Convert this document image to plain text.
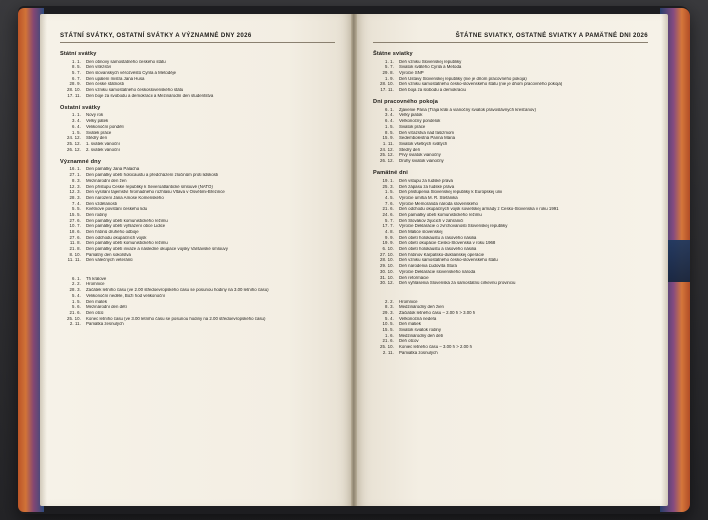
STÁTNÍ SVÁTKY, OSTATNÍ SVÁTKY A VÝZNAMNÉ DNY 2026
Státní svátky
1. 1.	Den obnovy samostatného českého státu
8. 5.	Den vítězství
5. 7.	Den slovanských věrozvěstů Cyrila a Metoděje
6. 7.	Den upálení mistra Jana Husa
28. 9.	Den české státnosti
28. 10.	Den vzniku samostatného československého státu
17. 11.	Den boje za svobodu a demokracii a Mezinárodní den studentstva
Ostatní svátky
1. 1.	Nový rok
3. 4.	Velký pátek
6. 4.	Velikonoční pondělí
1. 5.	Svátek práce
24. 12.	Štědrý den
25. 12.	1. svátek vánoční
26. 12.	2. svátek vánoční
Významné dny
16. 1.	Den památky Jana Palacha
27. 1.	Den památky obětí holocaustu a předcházení zločinům proti lidskosti
8. 3.	Mezinárodní den žen
12. 3.	Den přístupu České republiky k Severoatlantické smlouvě (NATO)
12. 3.	Den vysílání tajemství hromadného rozhlasu Vltava v Osvětimi-Březince
28. 3.	Den narození Jana Amose Komenského
7. 4.	Den vzdělanosti
5. 5.	Květnové povstání českého lidu
15. 5.	Den rodiny
27. 6.	Den památky obětí komunistického režimu
10. 7.	Den památky obětí vyhlazení obce Lidice
18. 6.	Den hrdinů druhého odboje
27. 6.	Den odchodu okupačních vojsk
11. 8.	Den památky obětí komunistického režimu
21. 8.	Den památky obětí invaze a následné okupace vojsky Varšavské smlouvy
8. 10.	Památný den sokolstva
11. 11.	Den válečných veteránů
6. 1.	Tři králové
2. 2.	Hromnice
28. 3.	Začátek letního času (ve 2.00 středoevropského času se posunou hodiny na 3.00 letního času)
5. 4.	Velikonoční neděle, Boží hod velikonoční
1. 5.	Den matek
5. 6.	Mezinárodní den dětí
21. 6.	Den otců
25. 10.	Konec letního času (ve 3.00 letního času se posunou hodiny na 2.00 středoevropského času)
2. 11.	Památka zesnulých
ŠTÁTNE SVIATKY, OSTATNÉ SVIATKY A PAMÄTNÉ DNI 2026
Štátne sviatky
1. 1.	Deň vzniku Slovenskej republiky
5. 7.	Sviatok svätého Cyrila a Metoda
29. 8.	Výročie SNP
1. 9.	Deň Ústavy Slovenskej republiky (nie je dňom pracovného pokoja)
28. 10.	Deň vzniku samostatného česko-slovenského štátu (nie je dňom pracovného pokoja)
17. 11.	Deň boja za slobodu a demokraciu
Dni pracovného pokoja
6. 1.	Zjavenie Pána (Traja králi a vianočný sviatok pravoslávnych kresťanov)
3. 4.	Veľký piatok
6. 4.	Veľkonočný pondelok
1. 5.	Sviatok práce
8. 5.	Deň víťazstva nad fašizmom
15. 9.	Sedembolestná Panna Mária
1. 11.	Sviatok všetkých svätých
24. 12.	Štedrý deň
25. 12.	Prvý sviatok vianočný
26. 12.	Druhý sviatok vianočný
Pamätné dni
19. 1.	Deň vstupu za ľudské práva
25. 3.	Deň zápasu za ľudské práva
1. 5.	Deň pristúpenia Slovenskej republiky k Európskej únii
4. 5.	Výročie úmrtia M. R. Štefánika
7. 6.	Výročie Memoranda národa slovenského
21. 6.	Deň odchodu okupačných vojsk sovietskej armády z Česko-Slovenska v roku 1991
24. 6.	Deň pamiatky obetí komunistického režimu
5. 7.	Deň Slovákov žijúcich v zahraničí
17. 7.	Výročie Deklarácie o zvrchovanosti Slovenskej republiky
4. 8.	Deň Matice slovenskej
9. 9.	Deň obetí holokaustu a rasového násilia
19. 9.	Deň obetí okupácie Česko-Slovenska v roku 1968
6. 10.	Deň obetí holokaustu a rasového násilia
27. 10.	Deň hrdinov Karpatsko-duklianskej operácie
28. 10.	Deň vzniku samostatného česko-slovenského štátu
29. 10.	Deň narodenia Ľudovíta Štúra
30. 10.	Výročie Deklarácie slovenského národa
31. 10.	Deň reformácie
30. 12.	Deň vyhlásenia Slovenska za samostatnú cirkevnú provinciu
2. 2.	Hromnice
8. 3.	Medzinárodný deň žien
29. 3.	Začiatok letného času – 2.00 h > 3.00 h
5. 4.	Veľkonočná nedeľa
10. 5.	Deň matiek
15. 5.	Sviatok sviatok rodiny
1. 6.	Medzinárodný deň detí
21. 6.	Deň otcov
25. 10.	Koniec letného času – 3.00 h > 2.00 h
2. 11.	Pamiatka zosnulých
